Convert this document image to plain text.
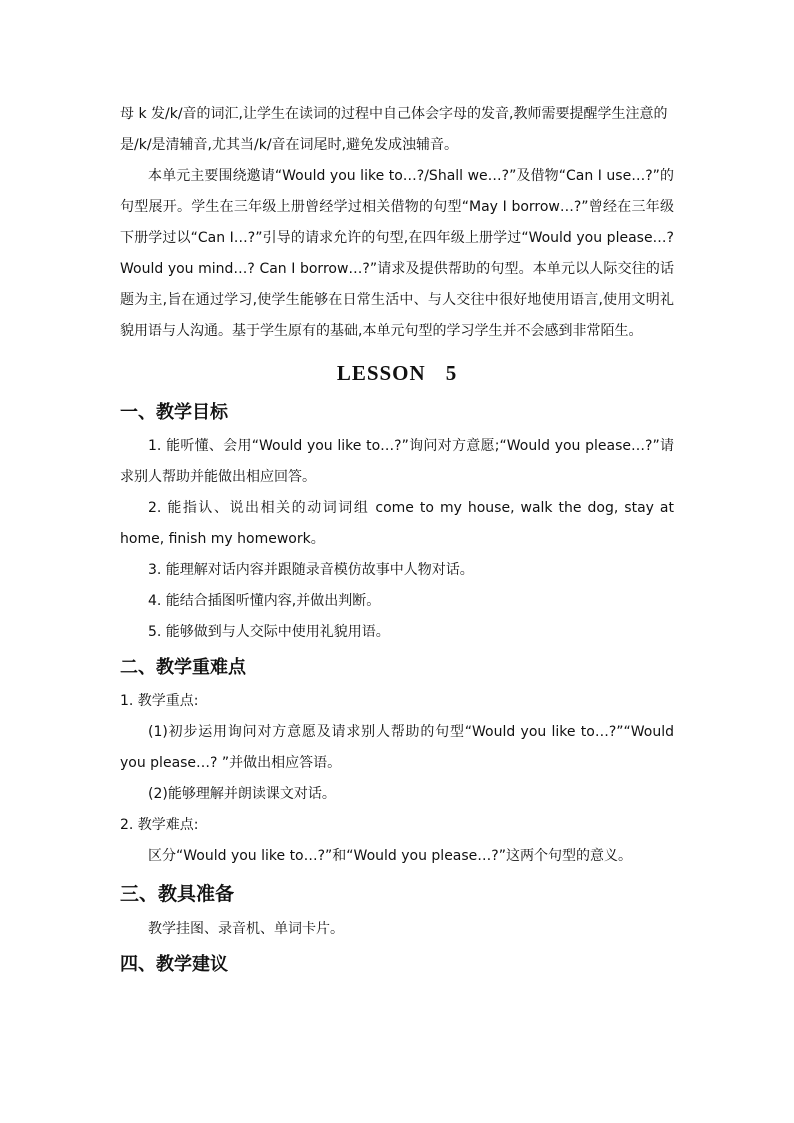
母 k 发/k/音的词汇,让学生在读词的过程中自己体会字母的发音,教师需要提醒学生注意的

是/k/是清辅音,尤其当/k/音在词尾时,避免发成浊辅音。

本单元主要围绕邀请“Would you like to…?/Shall we…?”及借物“Can I use…?”的句型展开。学生在三年级上册曾经学过相关借物的句型“May I borrow…?”曾经在三年级下册学过以“Can I…?”引导的请求允许的句型,在四年级上册学过“Would you please…?Would you mind…? Can I borrow…?”请求及提供帮助的句型。本单元以人际交往的话题为主,旨在通过学习,使学生能够在日常生活中、与人交往中很好地使用语言,使用文明礼貌用语与人沟通。基于学生原有的基础,本单元句型的学习学生并不会感到非常陌生。

LESSON 5
一、教学目标

1. 能听懂、会用“Would you like to…?”询问对方意愿;“Would you please…?”请求别人帮助并能做出相应回答。

2. 能指认、说出相关的动词词组 come to my house, walk the dog, stay at home, finish my homework。

3. 能理解对话内容并跟随录音模仿故事中人物对话。

4. 能结合插图听懂内容,并做出判断。

5. 能够做到与人交际中使用礼貌用语。

二、教学重难点

1. 教学重点:

(1)初步运用询问对方意愿及请求别人帮助的句型“Would you like to…?”“Would you please…? ”并做出相应答语。

(2)能够理解并朗读课文对话。

2. 教学难点:

区分“Would you like to…?”和“Would you please…?”这两个句型的意义。

三、教具准备

教学挂图、录音机、单词卡片。

四、教学建议
